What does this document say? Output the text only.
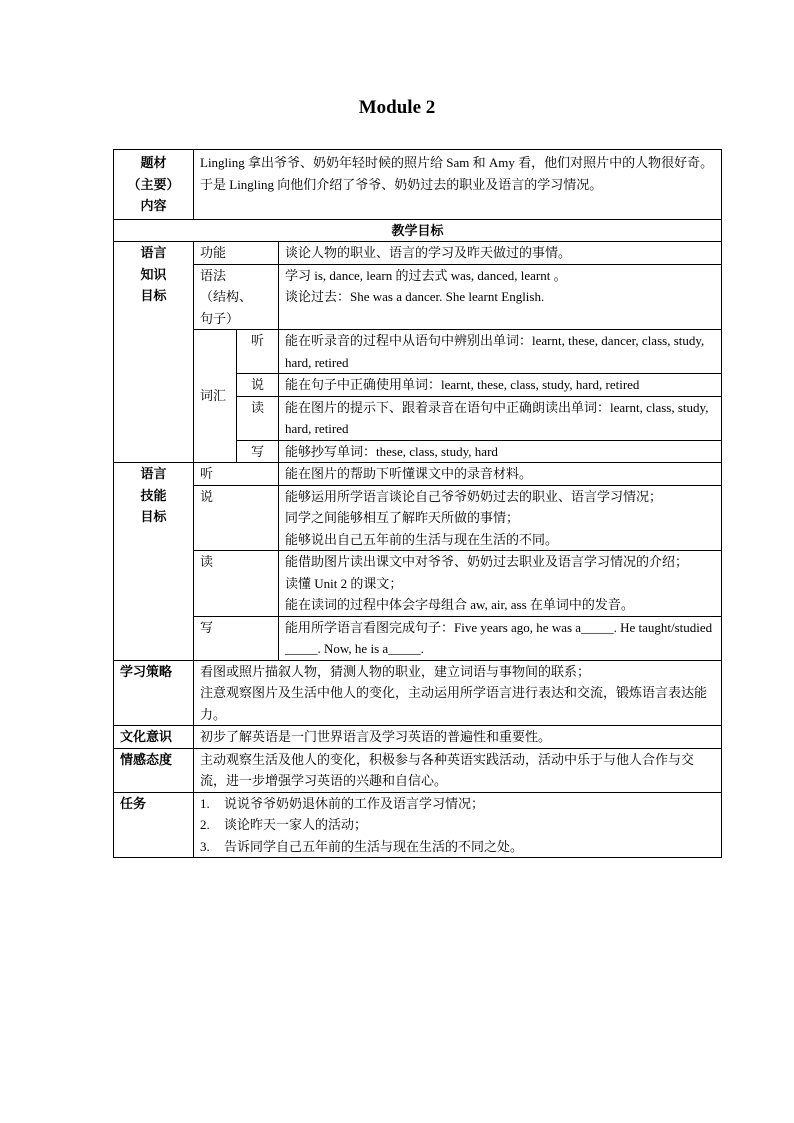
Module 2
题材
（主要）
内容	Lingling 拿出爷爷、奶奶年轻时候的照片给 Sam 和 Amy 看，他们对照片中的人物很好奇。于是 Lingling 向他们介绍了爷爷、奶奶过去的职业及语言的学习情况。		
教学目标			

语言
知识
目标	功能		谈论人物的职业、语言的学习及昨天做过的事情。

	语法
（结构、
句子）		学习 is, dance, learn 的过去式 was, danced, learnt 。
谈论过去：She was a dancer. She learnt English.

	词汇	听	能在听录音的过程中从语句中辨别出单词：learnt, these, dancer, class, study, hard, retired
		说	能在句子中正确使用单词：learnt, these, class, study, hard, retired
		读	能在图片的提示下、跟着录音在语句中正确朗读出单词：learnt, class, study, hard, retired
		写	能够抄写单词：these, class, study, hard

语言
技能
目标	听		能在图片的帮助下听懂课文中的录音材料。
	说		能够运用所学语言谈论自己爷爷奶奶过去的职业、语言学习情况；
同学之间能够相互了解昨天所做的事情；
能够说出自己五年前的生活与现在生活的不同。

	读		能借助图片读出课文中对爷爷、奶奶过去职业及语言学习情况的介绍；
读懂 Unit 2 的课文；
能在读词的过程中体会字母组合 aw, air, ass 在单词中的发音。

	写		能用所学语言看图完成句子：Five years ago, he was a_____. He taught/studied _____. Now, he is a_____.
学习策略	看图或照片描叙人物，猜测人物的职业，建立词语与事物间的联系；
注意观察图片及生活中他人的变化，主动运用所学语言进行表达和交流，锻炼语言表达能力。		

文化意识	初步了解英语是一门世界语言及学习英语的普遍性和重要性。		
情感态度	主动观察生活及他人的变化，积极参与各种英语实践活动，活动中乐于与他人合作与交流，进一步增强学习英语的兴趣和自信心。		
任务	1. 说说爷爷奶奶退休前的工作及语言学习情况；
2. 谈论昨天一家人的活动；
3. 告诉同学自己五年前的生活与现在生活的不同之处。		
